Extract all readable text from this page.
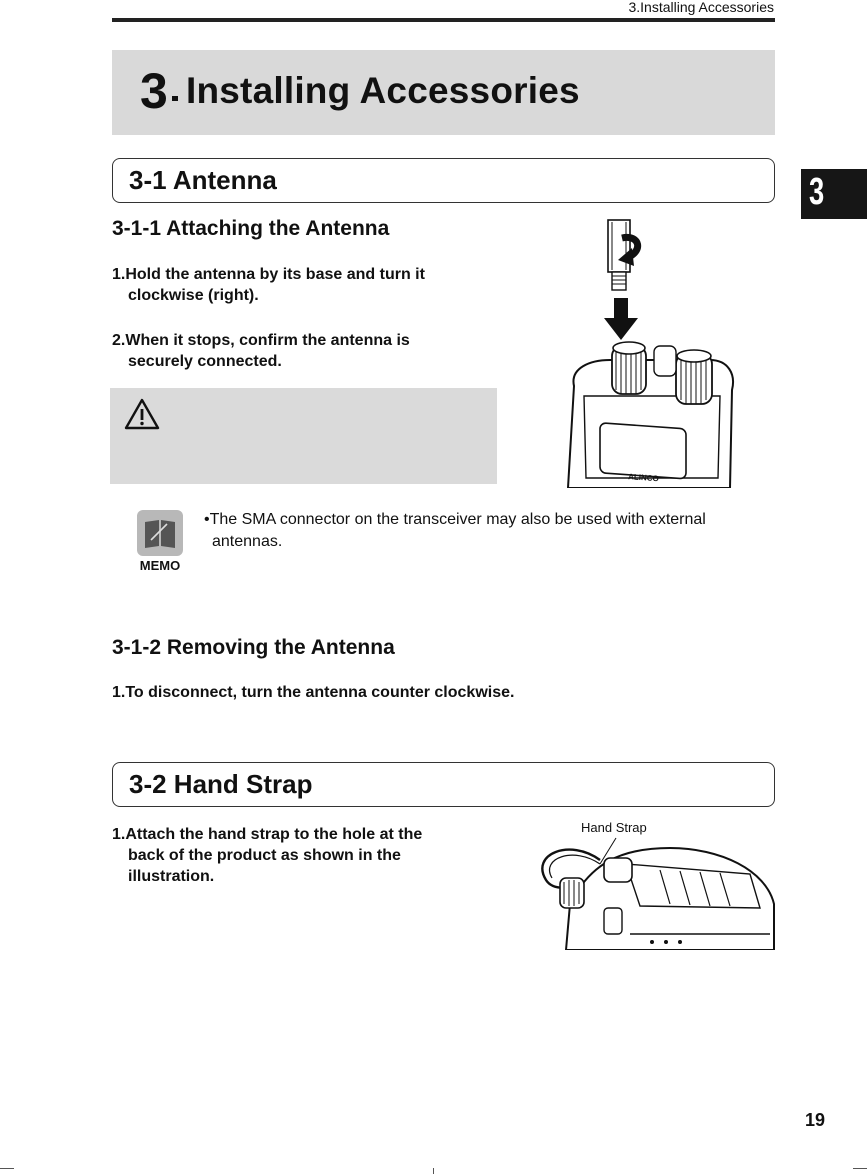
3.Installing Accessories
3 Installing Accessories
3
3-1 Antenna
3-1-1 Attaching the Antenna
1.Hold the antenna by its base and turn it
clockwise (right).
2.When it stops, confirm the antenna is
securely connected.
ALINCO
MEMO
•The SMA connector on the transceiver may also be used with external
antennas.
3-1-2 Removing the Antenna
1.To disconnect, turn the antenna counter clockwise.
3-2 Hand Strap
1.Attach the hand strap to the hole at the
back of the product as shown in the
illustration.
Hand Strap
19
